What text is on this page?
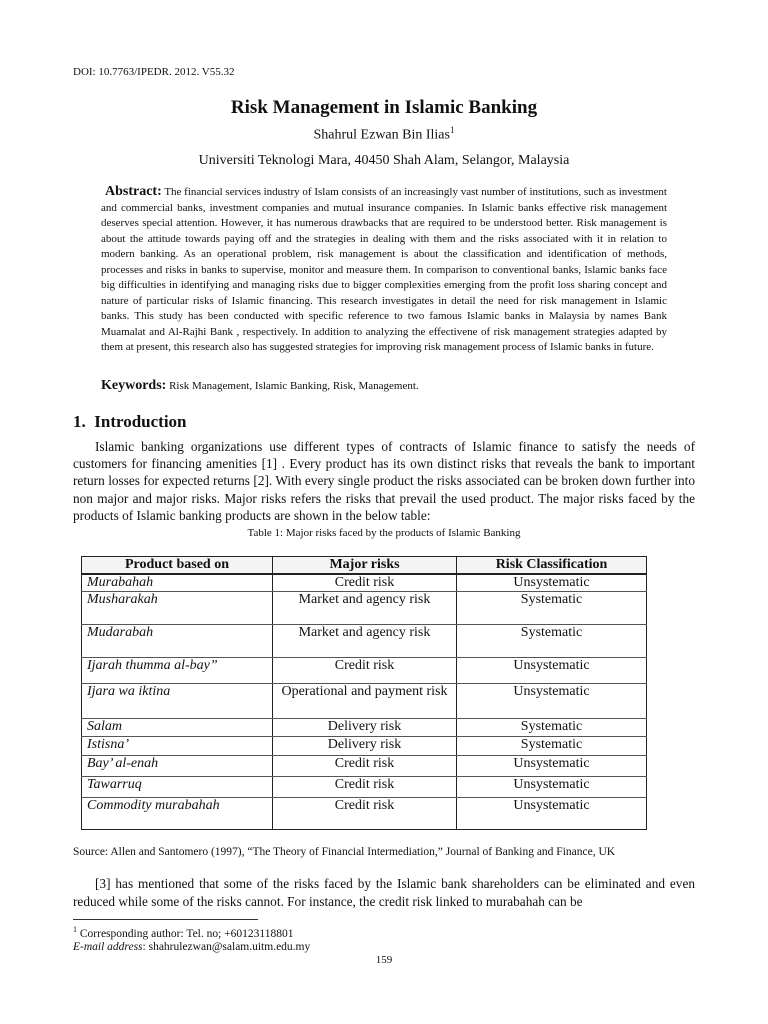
DOI: 10.7763/IPEDR. 2012. V55.32
Risk Management in Islamic Banking
Shahrul Ezwan Bin Ilias$^1$
Universiti Teknologi Mara, 40450 Shah Alam, Selangor, Malaysia
Abstract: The financial services industry of Islam consists of an increasingly vast number of institutions, such as investment and commercial banks, investment companies and mutual insurance companies. In Islamic banks effective risk management deserves special attention. However, it has numerous drawbacks that are required to be understood better. Risk management is about the attitude towards paying off and the strategies in dealing with them and the risks associated with it in relation to modern banking. As an operational problem, risk management is about the classification and identification of methods, processes and risks in banks to supervise, monitor and measure them. In comparison to conventional banks, Islamic banks face big difficulties in identifying and managing risks due to bigger complexities emerging from the profit loss sharing concept and nature of particular risks of Islamic financing. This research investigates in detail the need for risk management in Islamic banks. This study has been conducted with specific reference to two famous Islamic banks in Malaysia by names Bank Muamalat and Al-Rajhi Bank , respectively. In addition to analyzing the effectivene of risk management strategies adapted by them at present, this research also has suggested strategies for improving risk management process of Islamic banks in future.
Keywords: Risk Management, Islamic Banking, Risk, Management.
1. Introduction

Islamic banking organizations use different types of contracts of Islamic finance to satisfy the needs of customers for financing amenities [1] . Every product has its own distinct risks that reveals the bank to important return losses for expected returns [2]. With every single product the risks associated can be broken down further into non major and major risks. Major risks refers the risks that prevail the used product. The major risks faced by the products of Islamic banking products are shown in the below table:

Table 1: Major risks faced by the products of Islamic Banking
Product based on	Major risks	Risk Classification
Murabahah	Credit risk	Unsystematic
Musharakah	Market and agency risk	Systematic
Mudarabah	Market and agency risk	Systematic
Ijarah thumma al-bay”	Credit risk	Unsystematic
Ijara wa iktina	Operational and payment risk	Unsystematic
Salam	Delivery risk	Systematic
Istisna’	Delivery risk	Systematic
Bay’ al-enah	Credit risk	Unsystematic
Tawarruq	Credit risk	Unsystematic
Commodity murabahah	Credit risk	Unsystematic
Source: Allen and Santomero (1997), “The Theory of Financial Intermediation,” Journal of Banking and Finance, UK

[3] has mentioned that some of the risks faced by the Islamic bank shareholders can be eliminated and even reduced while some of the risks cannot. For instance, the credit risk linked to murabahah can be

$^1$ Corresponding author: Tel. no; +60123118801
E-mail address: shahrulezwan@salam.uitm.edu.my
159
